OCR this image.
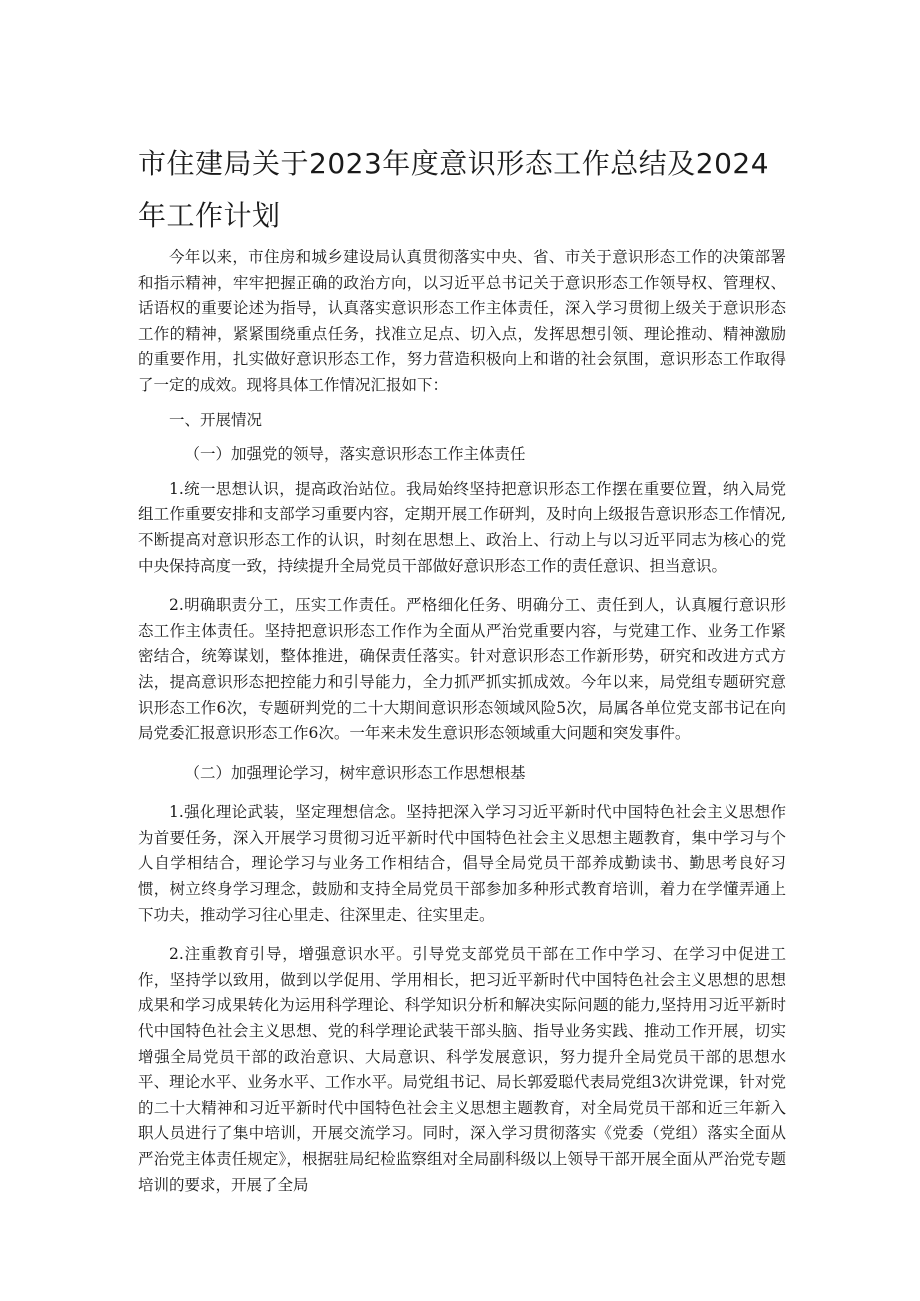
市住建局关于2023年度意识形态工作总结及2024年工作计划

今年以来，市住房和城乡建设局认真贯彻落实中央、省、市关于意识形态工作的决策部署和指示精神，牢牢把握正确的政治方向，以习近平总书记关于意识形态工作领导权、管理权、话语权的重要论述为指导，认真落实意识形态工作主体责任，深入学习贯彻上级关于意识形态工作的精神，紧紧围绕重点任务，找准立足点、切入点，发挥思想引领、理论推动、精神激励的重要作用，扎实做好意识形态工作，努力营造积极向上和谐的社会氛围，意识形态工作取得了一定的成效。现将具体工作情况汇报如下：

一、开展情况

（一）加强党的领导，落实意识形态工作主体责任

1.统一思想认识，提高政治站位。我局始终坚持把意识形态工作摆在重要位置，纳入局党组工作重要安排和支部学习重要内容，定期开展工作研判，及时向上级报告意识形态工作情况,不断提高对意识形态工作的认识，时刻在思想上、政治上、行动上与以习近平同志为核心的党中央保持高度一致，持续提升全局党员干部做好意识形态工作的责任意识、担当意识。

2.明确职责分工，压实工作责任。严格细化任务、明确分工、责任到人，认真履行意识形态工作主体责任。坚持把意识形态工作作为全面从严治党重要内容，与党建工作、业务工作紧密结合，统筹谋划，整体推进，确保责任落实。针对意识形态工作新形势，研究和改进方式方法，提高意识形态把控能力和引导能力，全力抓严抓实抓成效。今年以来，局党组专题研究意识形态工作6次，专题研判党的二十大期间意识形态领域风险5次，局属各单位党支部书记在向局党委汇报意识形态工作6次。一年来未发生意识形态领域重大问题和突发事件。

（二）加强理论学习，树牢意识形态工作思想根基

1.强化理论武装，坚定理想信念。坚持把深入学习习近平新时代中国特色社会主义思想作为首要任务，深入开展学习贯彻习近平新时代中国特色社会主义思想主题教育，集中学习与个人自学相结合，理论学习与业务工作相结合，倡导全局党员干部养成勤读书、勤思考良好习惯，树立终身学习理念，鼓励和支持全局党员干部参加多种形式教育培训，着力在学懂弄通上下功夫，推动学习往心里走、往深里走、往实里走。

2.注重教育引导，增强意识水平。引导党支部党员干部在工作中学习、在学习中促进工作，坚持学以致用，做到以学促用、学用相长，把习近平新时代中国特色社会主义思想的思想成果和学习成果转化为运用科学理论、科学知识分析和解决实际问题的能力,坚持用习近平新时代中国特色社会主义思想、党的科学理论武装干部头脑、指导业务实践、推动工作开展，切实增强全局党员干部的政治意识、大局意识、科学发展意识，努力提升全局党员干部的思想水平、理论水平、业务水平、工作水平。局党组书记、局长郭爱聪代表局党组3次讲党课，针对党的二十大精神和习近平新时代中国特色社会主义思想主题教育，对全局党员干部和近三年新入职人员进行了集中培训，开展交流学习。同时，深入学习贯彻落实《党委（党组）落实全面从严治党主体责任规定》，根据驻局纪检监察组对全局副科级以上领导干部开展全面从严治党专题培训的要求，开展了全局
